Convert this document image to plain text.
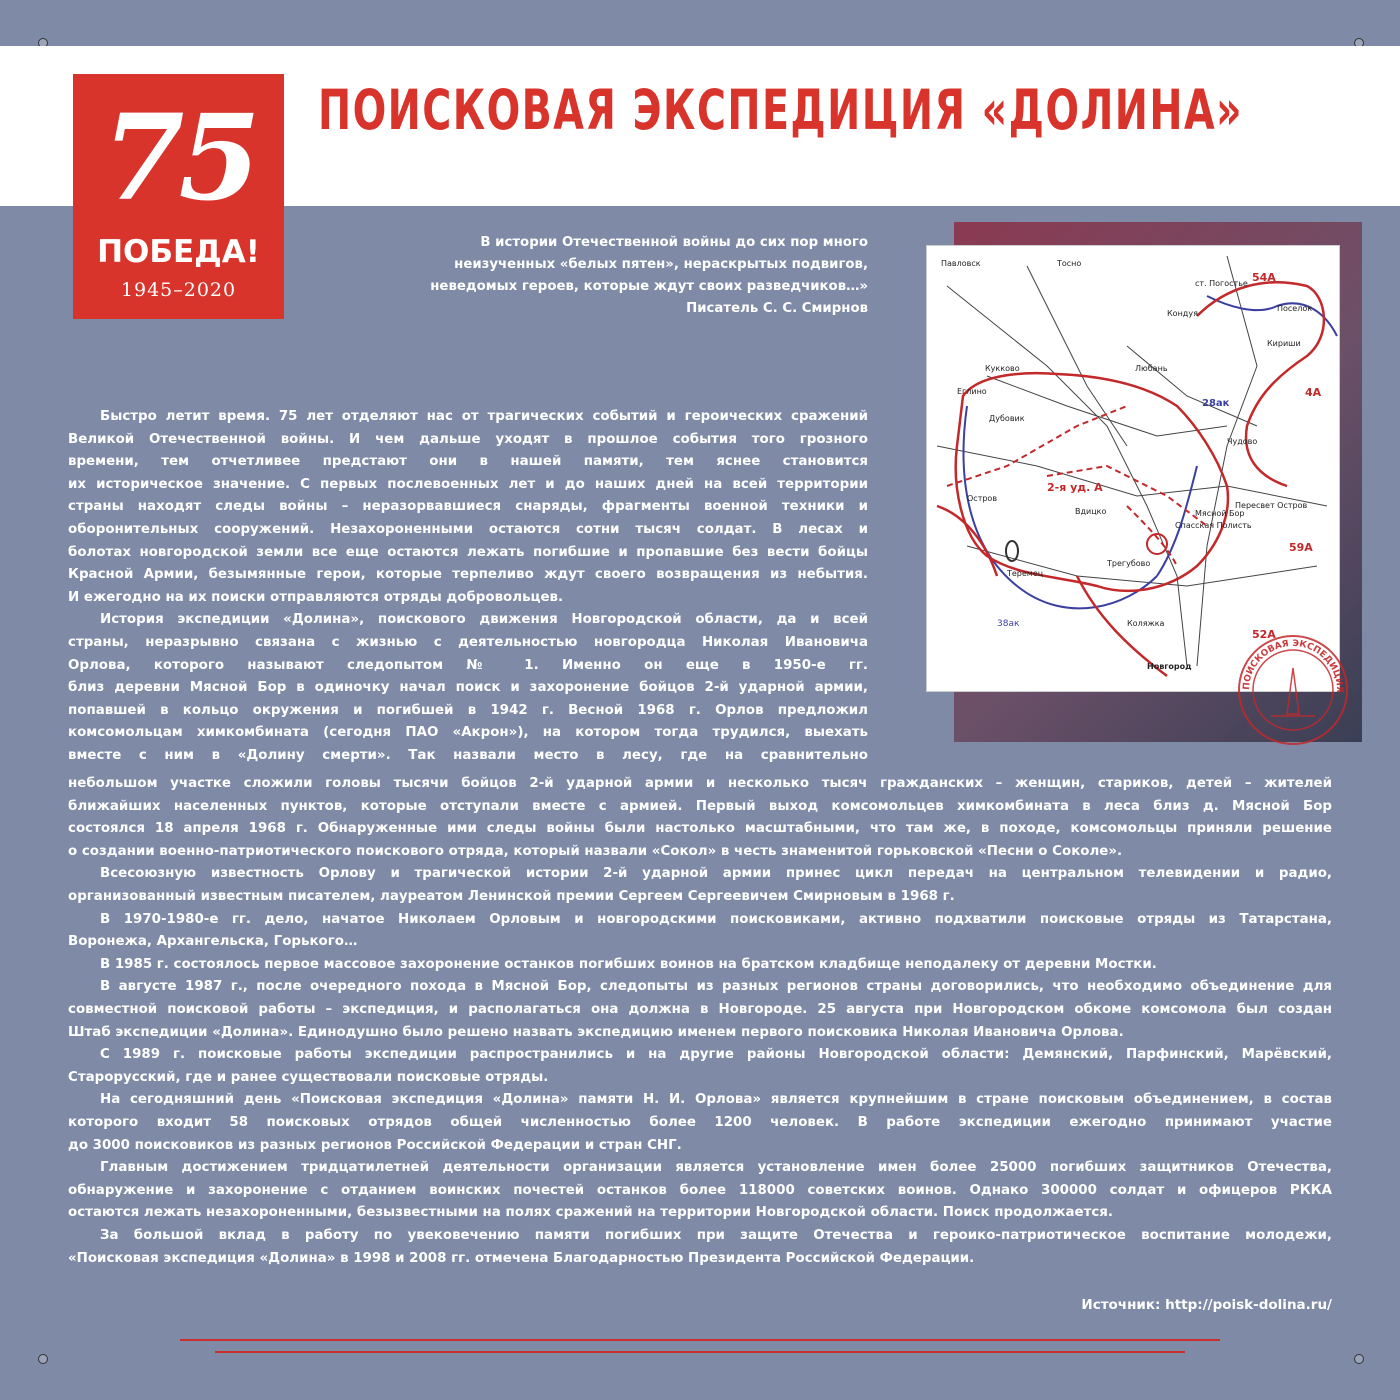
ПОИСКОВАЯ ЭКСПЕДИЦИЯ «ДОЛИНА»
75
ПОБЕДА!
1945–2020
В истории Отечественной войны до сих пор много
неизученных «белых пятен», нераскрытых подвигов,
неведомых героев, которые ждут своих разведчиков…»
Писатель С. С. Смирнов
Павловск	Тосно
54А
ст. Погостье
Кондуя
Поселок
Любань
28ак
4А
Кириши
Кукково
Дубовик
Еглино
Остров
Вдицко	Мясной Бор
Спасская Полисть
Пересвет Остров
59А
52А
38ак
Новгород
2-я уд. А
Чудово
Трегубово
Коляжка
Теремец
ПОИСКОВАЯ ЭКСПЕДИЦИЯ
Быстро летит время. 75 лет отделяют нас от трагических событий и героических сражений
Великой Отечественной войны. И чем дальше уходят в прошлое события того грозного
времени, тем отчетливее предстают они в нашей памяти, тем яснее становится
их историческое значение. С первых послевоенных лет и до наших дней на всей территории
страны находят следы войны – неразорвавшиеся снаряды, фрагменты военной техники и
оборонительных сооружений. Незахороненными остаются сотни тысяч солдат. В лесах и
болотах новгородской земли все еще остаются лежать погибшие и пропавшие без вести бойцы
Красной Армии, безымянные герои, которые терпеливо ждут своего возвращения из небытия.
И ежегодно на их поиски отправляются отряды добровольцев.
История экспедиции «Долина», поискового движения Новгородской области, да и всей
страны, неразрывно связана с жизнью с деятельностью новгородца Николая Ивановича
Орлова, которого называют следопытом № 1. Именно он еще в 1950-е гг.
близ деревни Мясной Бор в одиночку начал поиск и захоронение бойцов 2-й ударной армии,
попавшей в кольцо окружения и погибшей в 1942 г. Весной 1968 г. Орлов предложил
комсомольцам химкомбината (сегодня ПАО «Акрон»), на котором тогда трудился, выехать
вместе с ним в «Долину смерти». Так назвали место в лесу, где на сравнительно
небольшом участке сложили головы тысячи бойцов 2-й ударной армии и несколько тысяч гражданских – женщин, стариков, детей – жителей
ближайших населенных пунктов, которые отступали вместе с армией. Первый выход комсомольцев химкомбината в леса близ д. Мясной Бор
состоялся 18 апреля 1968 г. Обнаруженные ими следы войны были настолько масштабными, что там же, в походе, комсомольцы приняли решение
о создании военно-патриотического поискового отряда, который назвали «Сокол» в честь знаменитой горьковской «Песни о Соколе».
Всесоюзную известность Орлову и трагической истории 2-й ударной армии принес цикл передач на центральном телевидении и радио,
организованный известным писателем, лауреатом Ленинской премии Сергеем Сергеевичем Смирновым в 1968 г.
В 1970-1980-е гг. дело, начатое Николаем Орловым и новгородскими поисковиками, активно подхватили поисковые отряды из Татарстана,
Воронежа, Архангельска, Горького…
В 1985 г. состоялось первое массовое захоронение останков погибших воинов на братском кладбище неподалеку от деревни Мостки.
В августе 1987 г., после очередного похода в Мясной Бор, следопыты из разных регионов страны договорились, что необходимо объединение для
совместной поисковой работы – экспедиция, и располагаться она должна в Новгороде. 25 августа при Новгородском обкоме комсомола был создан
Штаб экспедиции «Долина». Единодушно было решено назвать экспедицию именем первого поисковика Николая Ивановича Орлова.
С 1989 г. поисковые работы экспедиции распространились и на другие районы Новгородской области: Демянский, Парфинский, Марёвский,
Старорусский, где и ранее существовали поисковые отряды.
На сегодняшний день «Поисковая экспедиция «Долина» памяти Н. И. Орлова» является крупнейшим в стране поисковым объединением, в состав
которого входит 58 поисковых отрядов общей численностью более 1200 человек. В работе экспедиции ежегодно принимают участие
до 3000 поисковиков из разных регионов Российской Федерации и стран СНГ.
Главным достижением тридцатилетней деятельности организации является установление имен более 25000 погибших защитников Отечества,
обнаружение и захоронение с отданием воинских почестей останков более 118000 советских воинов. Однако 300000 солдат и офицеров РККА
остаются лежать незахороненными, безызвестными на полях сражений на территории Новгородской области. Поиск продолжается.
За большой вклад в работу по увековечению памяти погибших при защите Отечества и героико-патриотическое воспитание молодежи,
«Поисковая экспедиция «Долина» в 1998 и 2008 гг. отмечена Благодарностью Президента Российской Федерации.
Источник: http://poisk-dolina.ru/
